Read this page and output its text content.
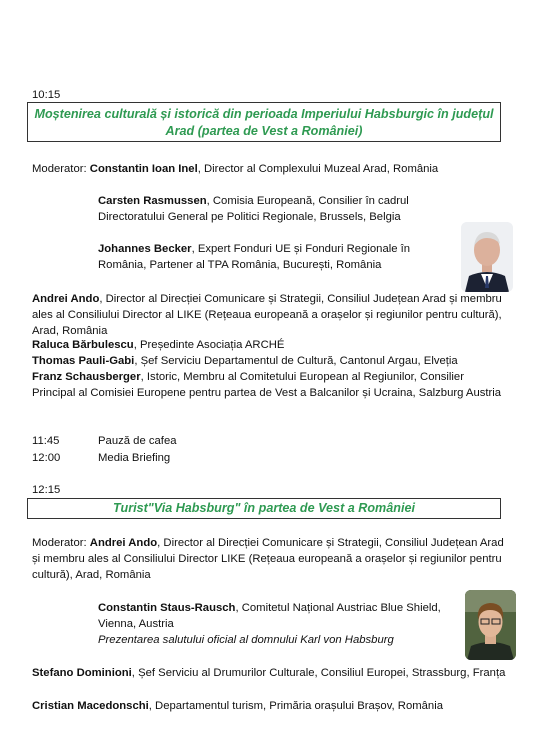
10:15
Moștenirea culturală și istorică din perioada Imperiului Habsburgic în județul Arad (partea de Vest a României)
Moderator: Constantin Ioan Inel, Director al Complexului Muzeal Arad, România
Carsten Rasmussen, Comisia Europeană, Consilier în cadrul Directoratului General pe Politici Regionale, Brussels, Belgia
Johannes Becker, Expert Fonduri UE și Fonduri Regionale în România, Partener al TPA România, București, România
Andrei Ando, Director al Direcției Comunicare și Strategii, Consiliul Județean Arad și membru ales al Consiliului Director al LIKE (Rețeaua europeană a orașelor și regiunilor pentru cultură), Arad, România
Raluca Bărbulescu, Președinte Asociația ARCHÉ
Thomas Pauli-Gabi, Șef Serviciu Departamentul de Cultură, Cantonul Argau, Elveția
Franz Schausberger, Istoric, Membru al Comitetului European al Regiunilor, Consilier Principal al Comisiei Europene pentru partea de Vest a Balcanilor și Ucraina, Salzburg Austria
11:45	Pauză de cafea
12:00	Media Briefing
12:15
Turist"Via Habsburg" în partea de Vest a României
Moderator: Andrei Ando, Director al Direcției Comunicare și Strategii, Consiliul Județean Arad și membru ales al Consiliului Director LIKE (Rețeaua europeană a orașelor și regiunilor pentru cultură), Arad, România
Constantin Staus-Rausch, Comitetul Național Austriac Blue Shield, Vienna, Austria
Prezentarea salutului oficial al domnului Karl von Habsburg
Stefano Dominioni, Șef Serviciu al Drumurilor Culturale, Consiliul Europei, Strassburg, Franța
Cristian Macedonschi, Departamentul turism, Primăria orașului Brașov, România
